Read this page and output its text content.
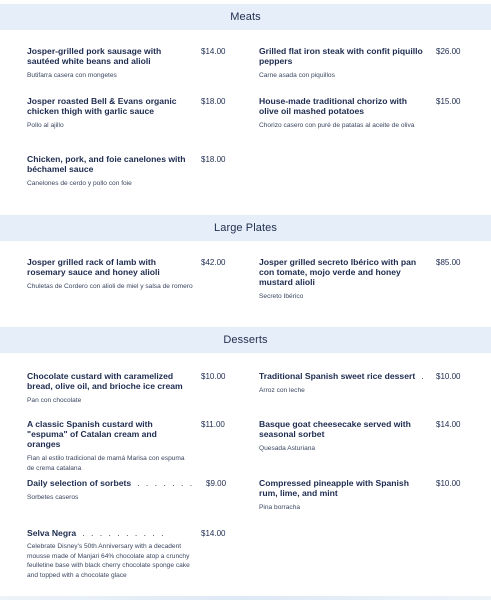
Meats
Josper-grilled pork sausage with sautéed white beans and alioli
Butifarra casera con mongetes
$14.00	Grilled flat iron steak with confit piquillo peppers
Carne asada con piquillos
$26.00
Josper roasted Bell & Evans organic chicken thigh with garlic sauce
Pollo al ajillo
$18.00	House-made traditional chorizo with olive oil mashed potatoes
Chorizo casero con puré de patatas al aceite de oliva
$15.00
Chicken, pork, and foie canelones with béchamel sauce
Canelones de cerdo y pollo con foie
$18.00
Large Plates
Josper grilled rack of lamb with rosemary sauce and honey alioli
Chuletas de Cordero con alioli de miel y salsa de romero
$42.00	Josper grilled secreto Ibérico with pan con tomate, mojo verde and honey mustard alioli
Secreto Ibérico
$85.00
Desserts
Chocolate custard with caramelized bread, olive oil, and brioche ice cream
Pan con chocolate
$10.00	Traditional Spanish sweet rice dessert .
Arroz con leche
$10.00
A classic Spanish custard with "espuma" of Catalan cream and oranges
Flan al estilo tradicional de mamá Marisa con espuma de crema catalana
$11.00	Basque goat cheesecake served with seasonal sorbet
Quesada Asturiana
$14.00
Daily selection of sorbets . . . . . . .
Sorbetes caseros
$9.00	Compressed pineapple with Spanish rum, lime, and mint
Pina borracha
$10.00
Selva Negra . . . . . . . . . .
Celebrate Disney's 50th Anniversary with a decadent mousse made of Manjari 64% chocolate atop a crunchy feulletine base with black cherry chocolate sponge cake and topped with a chocolate glace
$14.00
